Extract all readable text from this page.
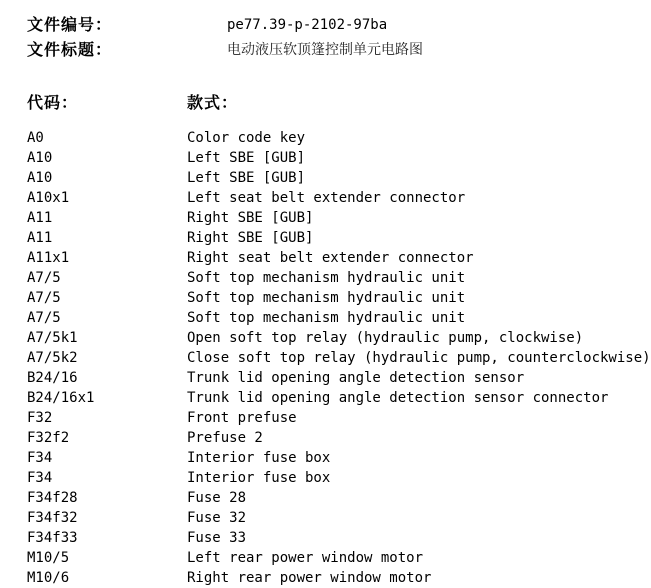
文件编号：	pe77.39-p-2102-97ba
文件标题：	电动液压软顶篷控制单元电路图
代码：	款式：
A0	Color code key
A10	Left SBE [GUB]
A10	Left SBE [GUB]
A10x1	Left seat belt extender connector
A11	Right SBE [GUB]
A11	Right SBE [GUB]
A11x1	Right seat belt extender connector
A7/5	Soft top mechanism hydraulic unit
A7/5	Soft top mechanism hydraulic unit
A7/5	Soft top mechanism hydraulic unit
A7/5k1	Open soft top relay (hydraulic pump, clockwise)
A7/5k2	Close soft top relay (hydraulic pump, counterclockwise)
B24/16	Trunk lid opening angle detection sensor
B24/16x1	Trunk lid opening angle detection sensor connector
F32	Front prefuse
F32f2	Prefuse 2
F34	Interior fuse box
F34	Interior fuse box
F34f28	Fuse 28
F34f32	Fuse 32
F34f33	Fuse 33
M10/5	Left rear power window motor
M10/6	Right rear power window motor
